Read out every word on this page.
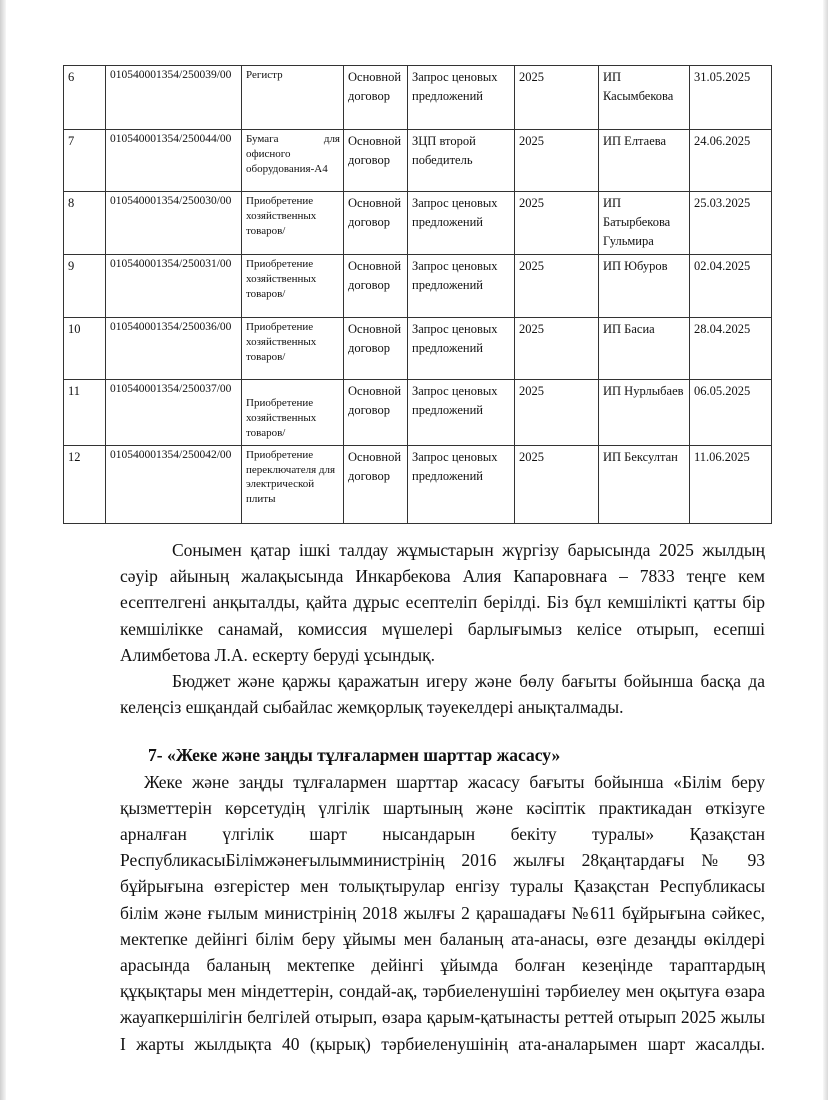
6	010540001354/250039/00	Регистр	Основной договор	Запрос ценовых предложений	2025	ИП Касымбекова	31.05.2025
7	010540001354/250044/00	Бумага для офисного оборудования-А4	Основной договор	ЗЦП второй победитель	2025	ИП Елтаева	24.06.2025
8	010540001354/250030/00	Приобретение хозяйственных товаров/	Основной договор	Запрос ценовых предложений	2025	ИП Батырбекова Гульмира	25.03.2025
9	010540001354/250031/00	Приобретение хозяйственных товаров/	Основной договор	Запрос ценовых предложений	2025	ИП Юбуров	02.04.2025
10	010540001354/250036/00	Приобретение хозяйственных товаров/	Основной договор	Запрос ценовых предложений	2025	ИП Басиа	28.04.2025
11	010540001354/250037/00	Приобретение хозяйственных товаров/	Основной договор	Запрос ценовых предложений	2025	ИП Нурлыбаев	06.05.2025
12	010540001354/250042/00	Приобретение переключателя для электрической плиты	Основной договор	Запрос ценовых предложений	2025	ИП Бексултан	11.06.2025

Сонымен қатар ішкі талдау жұмыстарын жүргізу барысында 2025 жылдың сәуір айының жалақысында Инкарбекова Алия Капаровнаға – 7833 теңге кем есептелгені анқыталды, қайта дұрыс есептеліп берілді. Біз бұл кемшілікті қатты бір кемшілікке санамай, комиссия мүшелері барлығымыз келісе отырып, есепші Алимбетова Л.А. ескерту беруді ұсындық.

Бюджет және қаржы қаражатын игеру және бөлу бағыты бойынша басқа да келеңсіз ешқандай сыбайлас жемқорлық тәуекелдері анықталмады.

7- «Жеке және заңды тұлғалармен шарттар жасасу»

Жеке және заңды тұлғалармен шарттар жасасу бағыты бойынша «Білім беру қызметтерін көрсетудің үлгілік шартының және кәсіптік практикадан өткізуге арналған үлгілік шарт нысандарын бекіту туралы» Қазақстан РеспубликасыБілімжәнеғылымминистрінің 2016 жылғы 28қаңтардағы № 93 бұйрығына өзгерістер мен толықтырулар енгізу туралы Қазақстан Республикасы білім және ғылым министрінің 2018 жылғы 2 қарашадағы №611 бұйрығына сәйкес, мектепке дейінгі білім беру ұйымы мен баланың ата-анасы, өзге дезаңды өкілдері арасында баланың мектепке дейінгі ұйымда болған кезеңінде тараптардың құқықтары мен міндеттерін, сондай-ақ, тәрбиеленушіні тәрбиелеу мен оқытуға өзара жауапкершілігін белгілей отырып, өзара қарым-қатынасты реттей отырып 2025 жылы І жарты жылдықта 40 (қырық) тәрбиеленушінің ата-аналарымен шарт жасалды.
